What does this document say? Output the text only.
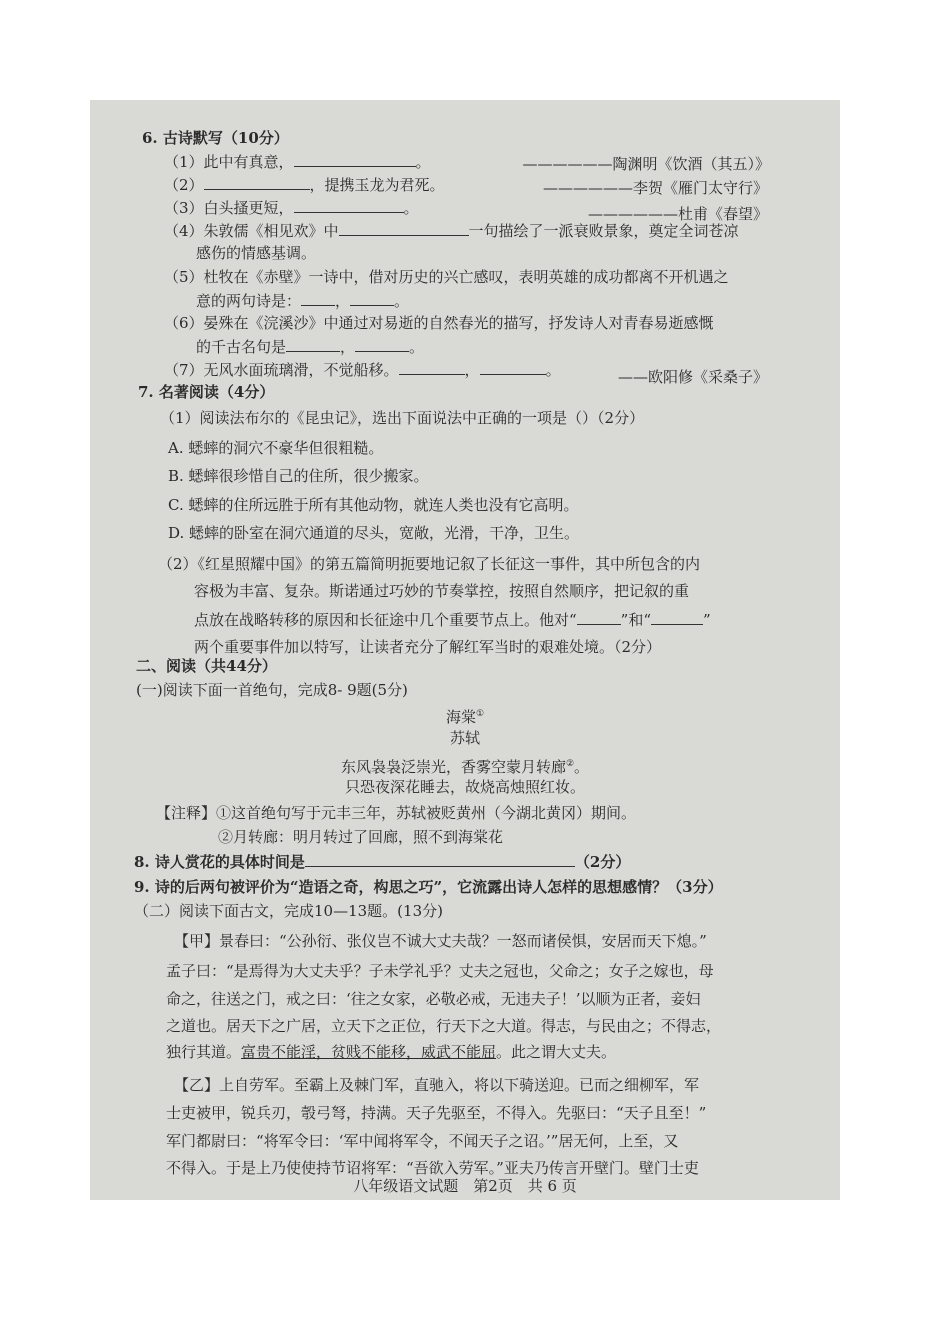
6. 古诗默写（10分）
（1）此中有真意，	。	——————陶渊明《饮酒（其五）》
（2）	，提携玉龙为君死。	——————李贺《雁门太守行》
（3）白头搔更短，	。	——————杜甫《春望》
（4）朱敦儒《相见欢》中	一句描绘了一派衰败景象，奠定全词苍凉
感伤的情感基调。
（5）杜牧在《赤壁》一诗中，借对历史的兴亡感叹，表明英雄的成功都离不开机遇之
意的两句诗是： ，	。
（6）晏殊在《浣溪沙》中通过对易逝的自然春光的描写，抒发诗人对青春易逝感慨
的千古名句是	，	。
（7）无风水面琉璃滑，不觉船移。	，	。	——欧阳修《采桑子》
7. 名著阅读（4分）
（1）阅读法布尔的《昆虫记》，选出下面说法中正确的一项是（）（2分）
A. 蟋蟀的洞穴不豪华但很粗糙。
B. 蟋蟀很珍惜自己的住所，很少搬家。
C. 蟋蟀的住所远胜于所有其他动物，就连人类也没有它高明。
D. 蟋蟀的卧室在洞穴通道的尽头，宽敞，光滑，干净，卫生。
（2）《红星照耀中国》的第五篇简明扼要地记叙了长征这一事件，其中所包含的内
容极为丰富、复杂。斯诺通过巧妙的节奏掌控，按照自然顺序，把记叙的重
点放在战略转移的原因和长征途中几个重要节点上。他对“	”和“	”
两个重要事件加以特写，让读者充分了解红军当时的艰难处境。（2分）
二、阅读（共44分）
(一)阅读下面一首绝句，完成8- 9题(5分)
海棠①
苏轼
东风袅袅泛崇光，香雾空蒙月转廊②。
只恐夜深花睡去，故烧高烛照红妆。
【注释】①这首绝句写于元丰三年，苏轼被贬黄州（今湖北黄冈）期间。
②月转廊：明月转过了回廊，照不到海棠花
8. 诗人赏花的具体时间是	（2分）
9. 诗的后两句被评价为“造语之奇，构思之巧”，它流露出诗人怎样的思想感情？（3分）
（二）阅读下面古文，完成10—13题。(13分)
【甲】景春曰：“公孙衍、张仪岂不诚大丈夫哉？一怒而诸侯惧，安居而天下熄。”
孟子曰：“是焉得为大丈夫乎？子未学礼乎？丈夫之冠也，父命之；女子之嫁也，母
命之，往送之门，戒之曰：‘往之女家，必敬必戒，无违夫子！’以顺为正者，妾妇
之道也。居天下之广居，立天下之正位，行天下之大道。得志，与民由之；不得志，
独行其道。富贵不能淫，贫贱不能移，威武不能屈。此之谓大丈夫。
【乙】上自劳军。至霸上及棘门军，直驰入，将以下骑送迎。已而之细柳军，军
士吏被甲，锐兵刃，彀弓弩，持满。天子先驱至，不得入。先驱曰：“天子且至！”
军门都尉曰：“将军令曰：‘军中闻将军令，不闻天子之诏。’”居无何，上至，又
不得入。于是上乃使使持节诏将军：“吾欲入劳军。”亚夫乃传言开壁门。壁门士吏
八年级语文试题　第2页　共 6 页
